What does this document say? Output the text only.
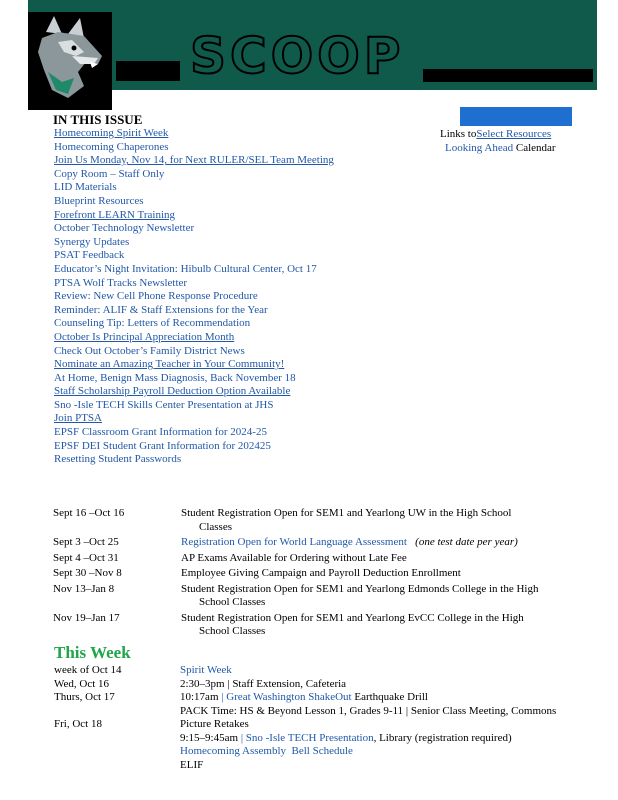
SCOOP
IN THIS ISSUE
Homecoming Spirit Week
Homecoming Chaperones
Join Us Monday, Nov 14, for Next RULER/SEL Team Meeting
Copy Room – Staff Only
LID Materials
Blueprint Resources
Forefront LEARN Training
October Technology Newsletter
Synergy Updates
PSAT Feedback
Educator’s Night Invitation: Hibulb Cultural Center, Oct 17
PTSA Wolf Tracks Newsletter
Review: New Cell Phone Response Procedure
Reminder: ALIF & Staff Extensions for the Year
Counseling Tip: Letters of Recommendation
October Is Principal Appreciation Month
Check Out October’s Family District News
Nominate an Amazing Teacher in Your Community!
At Home, Benign Mass Diagnosis, Back November 18
Staff Scholarship Payroll Deduction Option Available
Sno -Isle TECH Skills Center Presentation at JHS
Join PTSA
EPSF Classroom Grant Information for 2024-25
EPSF DEI Student Grant Information for 202425
Resetting Student Passwords
Links toSelect Resources
Looking Ahead Calendar
Sept 16 –Oct 16	Student Registration Open for SEM1 and Yearlong UW in the High School
Classes
Sept 3 –Oct 25	Registration Open for World Language Assessment (one test date per year)
Sept 4 –Oct 31	AP Exams Available for Ordering without Late Fee
Sept 30 –Nov 8	Employee Giving Campaign and Payroll Deduction Enrollment
Nov 13–Jan 8	Student Registration Open for SEM1 and Yearlong Edmonds College in the High
School Classes
Nov 19–Jan 17	Student Registration Open for SEM1 and Yearlong EvCC College in the High
School Classes
This Week
week of Oct 14	Spirit Week
Wed, Oct 16	2:30–3pm | Staff Extension, Cafeteria
Thurs, Oct 17	10:17am | Great Washington ShakeOut Earthquake Drill
PACK Time: HS & Beyond Lesson 1, Grades 9-11 | Senior Class Meeting, Commons
Fri, Oct 18	Picture Retakes
9:15–9:45am | Sno -Isle TECH Presentation, Library (registration required)
Homecoming Assembly Bell Schedule
ELIF
